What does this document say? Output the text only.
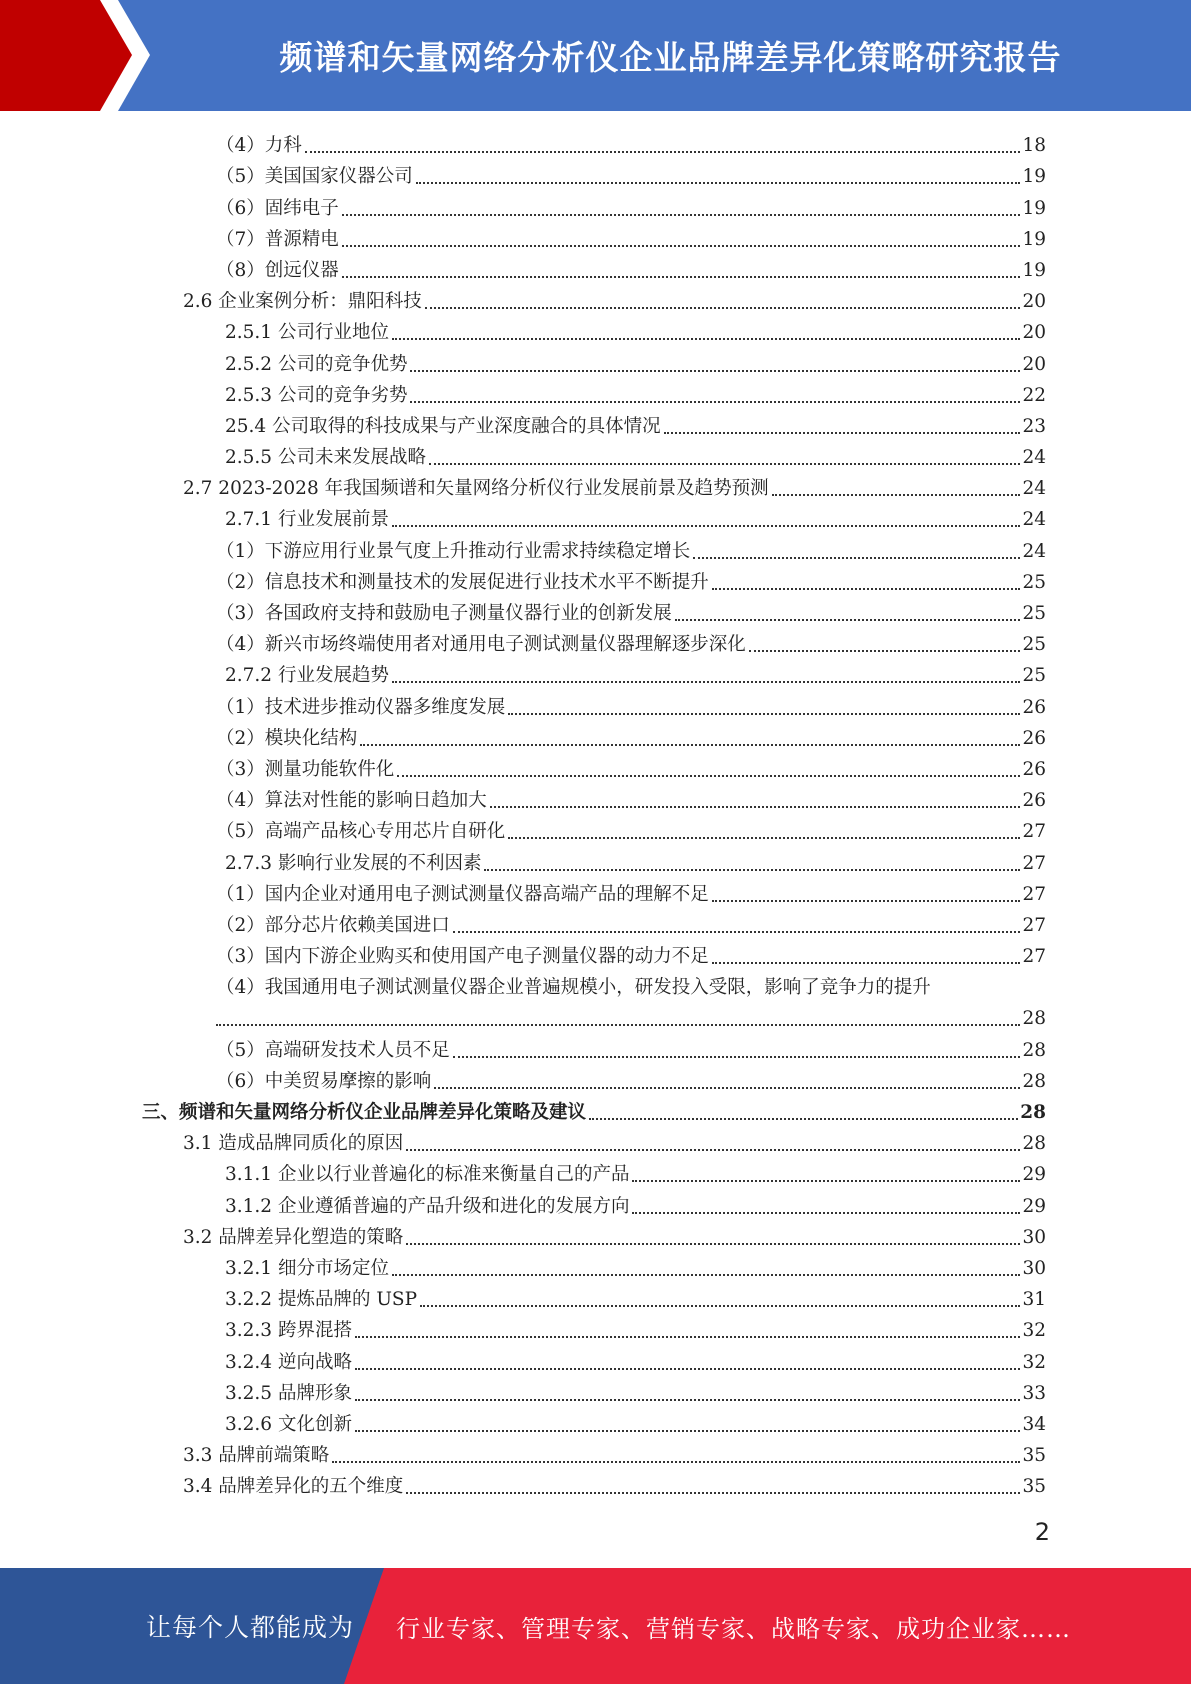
频谱和矢量网络分析仪企业品牌差异化策略研究报告
（4）力科	18
（5）美国国家仪器公司	19
（6）固纬电子	19
（7）普源精电	19
（8）创远仪器	19
2.6 企业案例分析：鼎阳科技	20
2.5.1 公司行业地位	20
2.5.2 公司的竞争优势	20
2.5.3 公司的竞争劣势	22
25.4 公司取得的科技成果与产业深度融合的具体情况	23
2.5.5 公司未来发展战略	24
2.7 2023-2028 年我国频谱和矢量网络分析仪行业发展前景及趋势预测	24
2.7.1 行业发展前景	24
（1）下游应用行业景气度上升推动行业需求持续稳定增长	24
（2）信息技术和测量技术的发展促进行业技术水平不断提升	25
（3）各国政府支持和鼓励电子测量仪器行业的创新发展	25
（4）新兴市场终端使用者对通用电子测试测量仪器理解逐步深化	25
2.7.2 行业发展趋势	25
（1）技术进步推动仪器多维度发展	26
（2）模块化结构	26
（3）测量功能软件化	26
（4）算法对性能的影响日趋加大	26
（5）高端产品核心专用芯片自研化	27
2.7.3 影响行业发展的不利因素	27
（1）国内企业对通用电子测试测量仪器高端产品的理解不足	27
（2）部分芯片依赖美国进口	27
（3）国内下游企业购买和使用国产电子测量仪器的动力不足	27
（4）我国通用电子测试测量仪器企业普遍规模小，研发投入受限，影响了竞争力的提升
28
（5）高端研发技术人员不足	28
（6）中美贸易摩擦的影响	28
三、频谱和矢量网络分析仪企业品牌差异化策略及建议	28
3.1 造成品牌同质化的原因	28
3.1.1 企业以行业普遍化的标准来衡量自己的产品	29
3.1.2 企业遵循普遍的产品升级和进化的发展方向	29
3.2 品牌差异化塑造的策略	30
3.2.1 细分市场定位	30
3.2.2 提炼品牌的 USP	31
3.2.3 跨界混搭	32
3.2.4 逆向战略	32
3.2.5 品牌形象	33
3.2.6 文化创新	34
3.3 品牌前端策略	35
3.4 品牌差异化的五个维度	35
2
让每个人都能成为	行业专家、管理专家、营销专家、战略专家、成功企业家……
